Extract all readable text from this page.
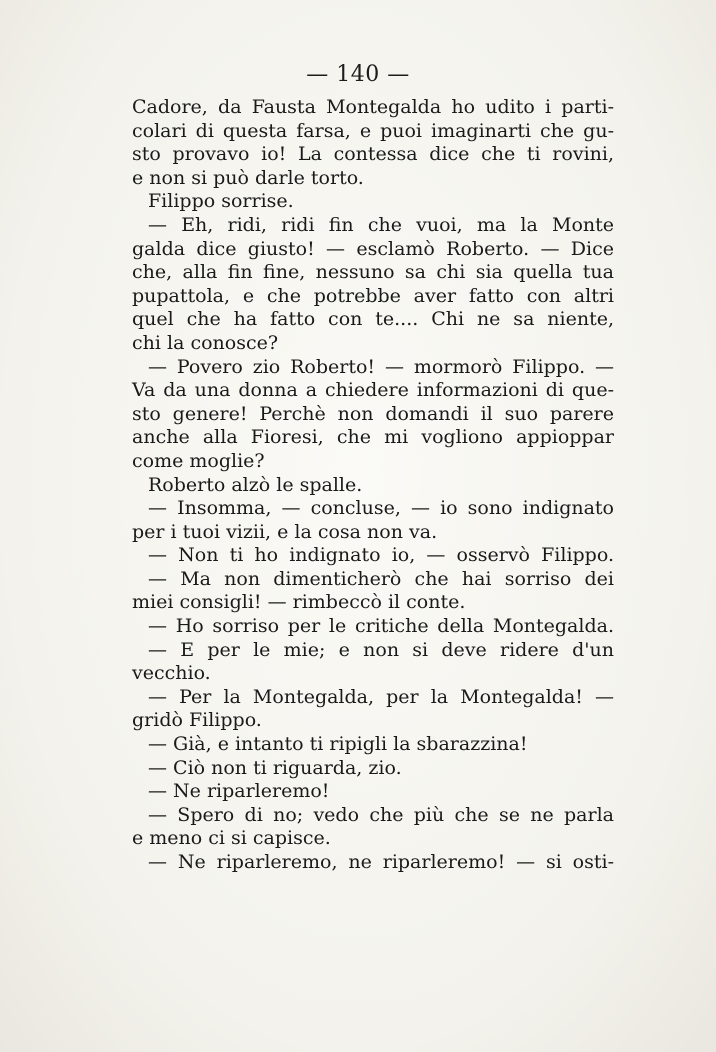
— 140 —
Cadore, da Fausta Montegalda ho udito i parti-
colari di questa farsa, e puoi imaginarti che gu-
sto provavo io! La contessa dice che ti rovini,
e non si può darle torto.
Filippo sorrise.
— Eh, ridi, ridi fin che vuoi, ma la Monte
galda dice giusto! — esclamò Roberto. — Dice
che, alla fin fine, nessuno sa chi sia quella tua
pupattola, e che potrebbe aver fatto con altri
quel che ha fatto con te.... Chi ne sa niente,
chi la conosce?
— Povero zio Roberto! — mormorò Filippo. —
Va da una donna a chiedere informazioni di que-
sto genere! Perchè non domandi il suo parere
anche alla Fioresi, che mi vogliono appioppar
come moglie?
Roberto alzò le spalle.
— Insomma, — concluse, — io sono indignato
per i tuoi vizii, e la cosa non va.
— Non ti ho indignato io, — osservò Filippo.
— Ma non dimenticherò che hai sorriso dei
miei consigli! — rimbeccò il conte.
— Ho sorriso per le critiche della Montegalda.
— E per le mie; e non si deve ridere d'un
vecchio.
— Per la Montegalda, per la Montegalda! —
gridò Filippo.
— Già, e intanto ti ripigli la sbarazzina!
— Ciò non ti riguarda, zio.
— Ne riparleremo!
— Spero di no; vedo che più che se ne parla
e meno ci si capisce.
— Ne riparleremo, ne riparleremo! — si osti-
